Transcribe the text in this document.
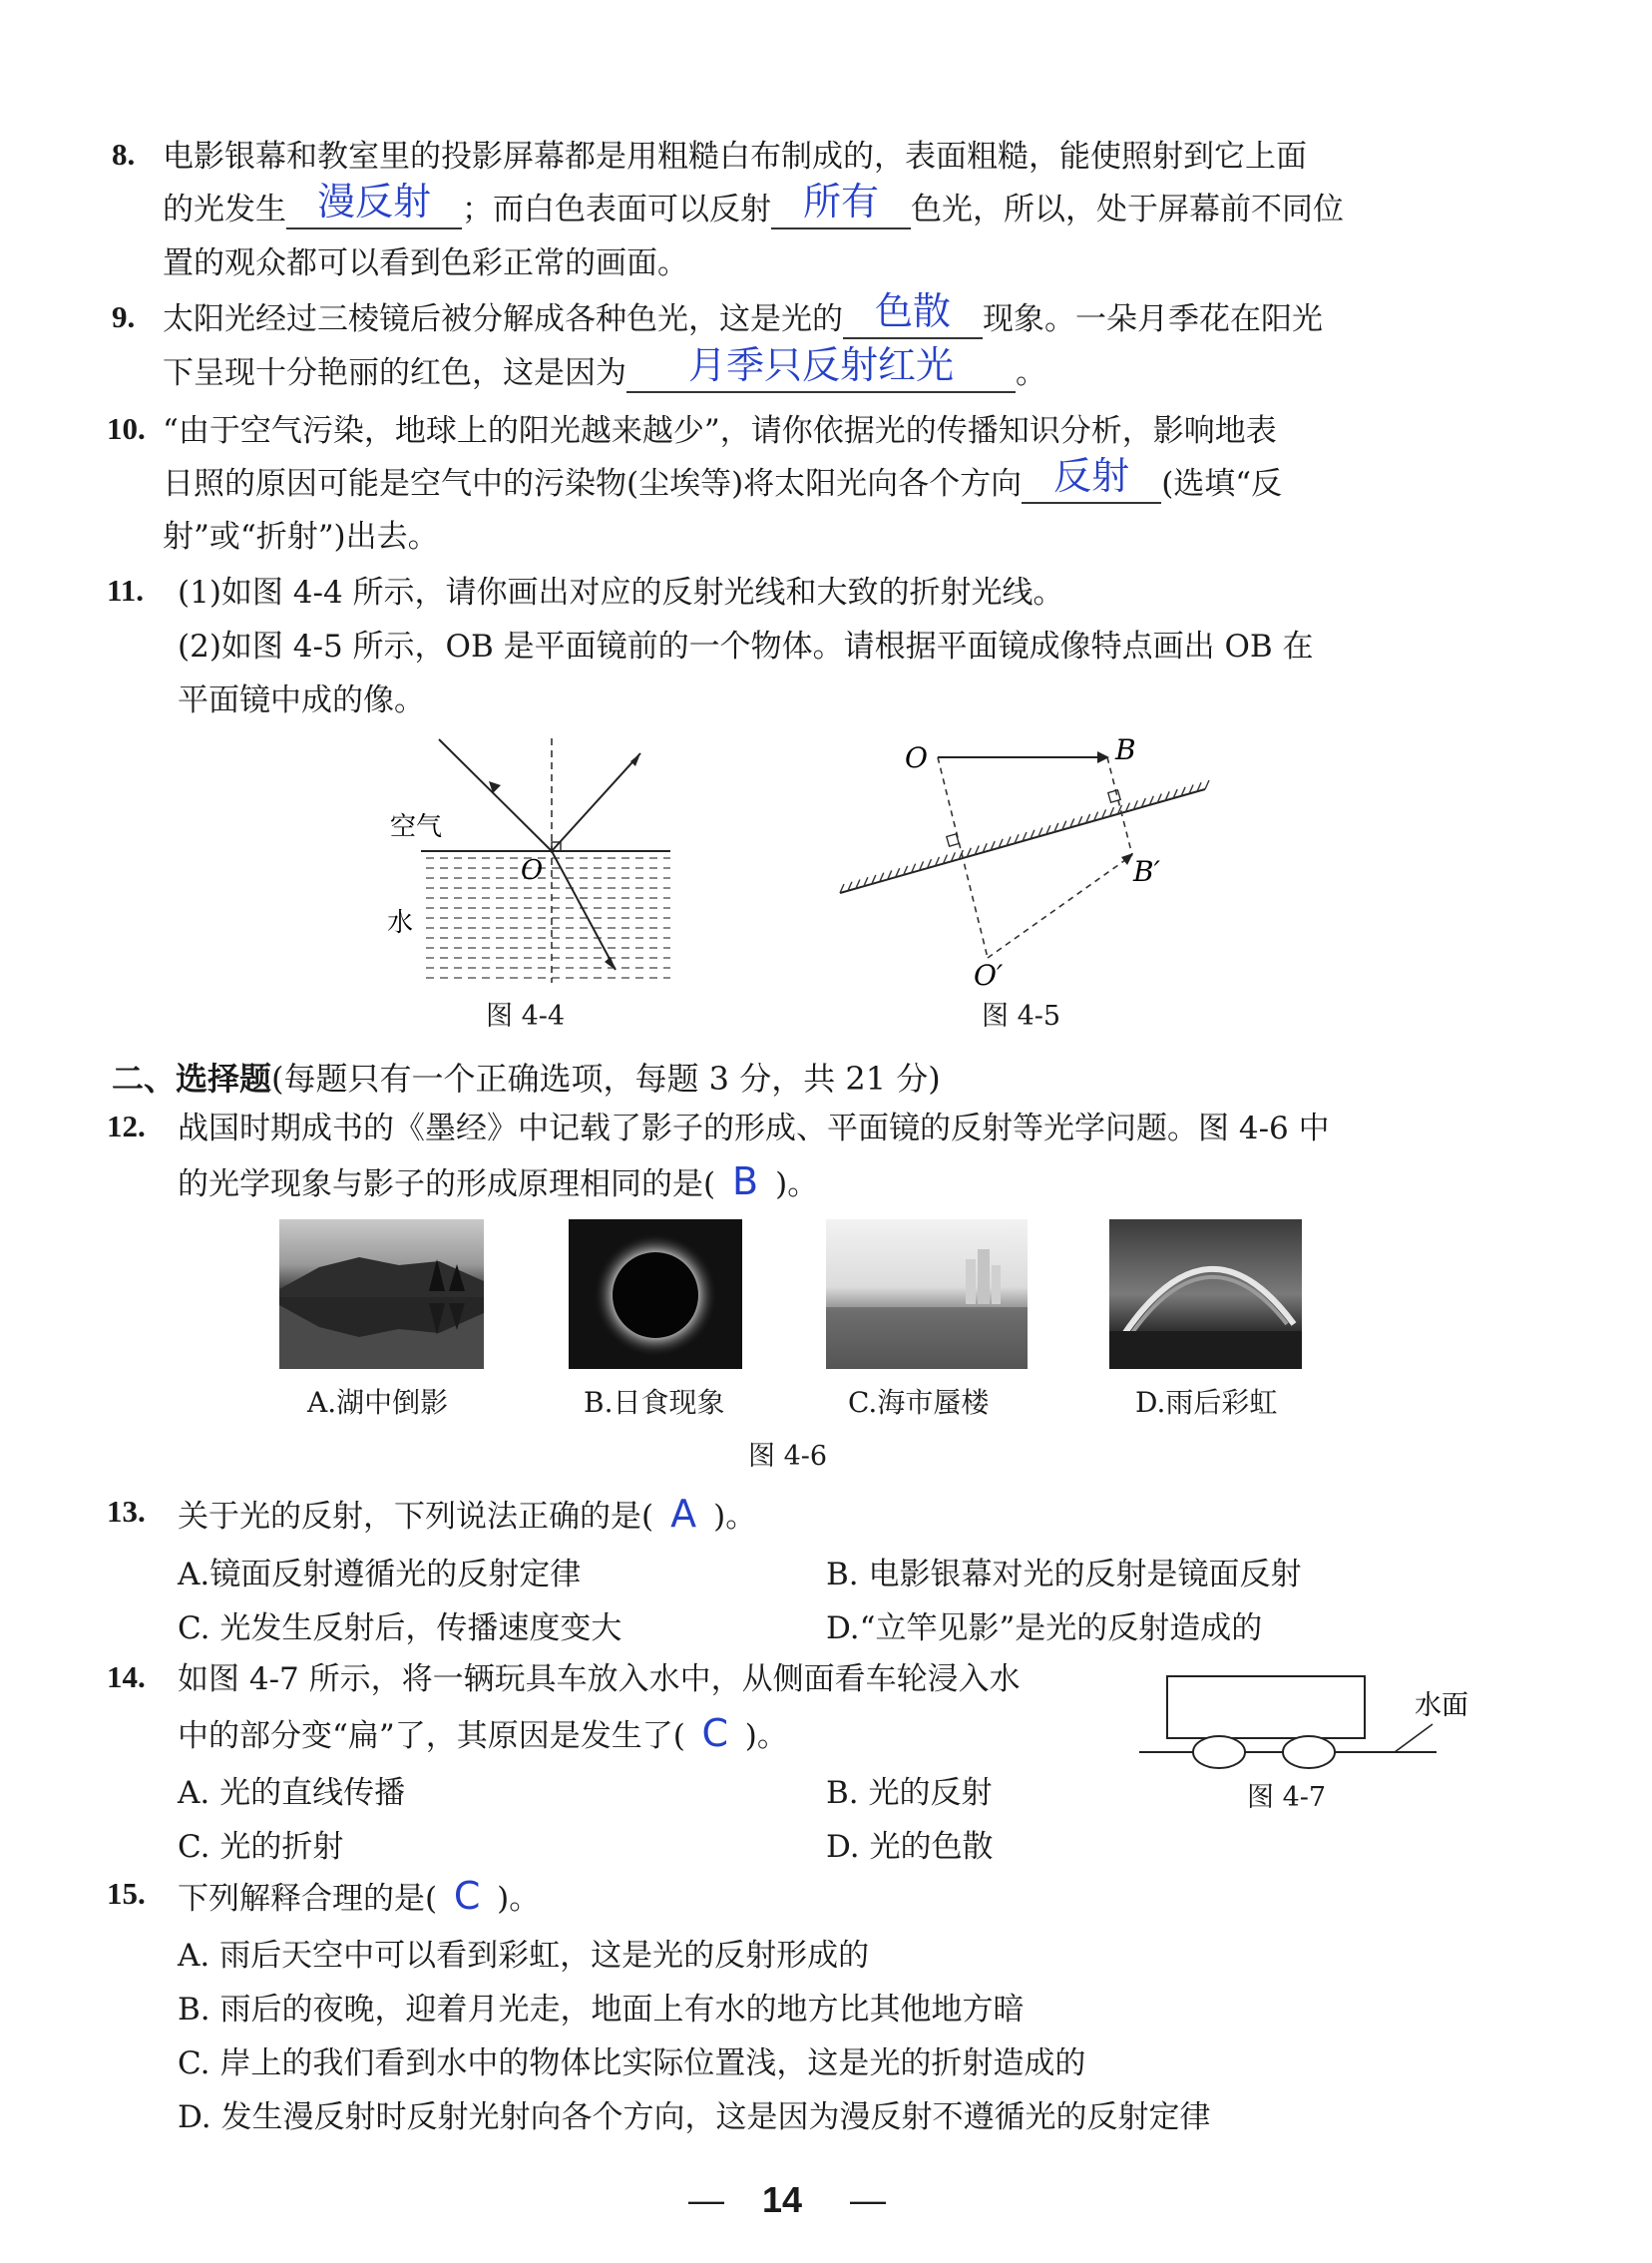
8. 电影银幕和教室里的投影屏幕都是用粗糙白布制成的，表面粗糙，能使照射到它上面
的光发生 漫反射	；而白色表面可以反射 所有	色光，所以，处于屏幕前不同位
置的观众都可以看到色彩正常的画面。
9. 太阳光经过三棱镜后被分解成各种色光，这是光的 色散	现象。一朵月季花在阳光
下呈现十分艳丽的红色，这是因为	月季只反射红光	。
10. “由于空气污染，地球上的阳光越来越少”，请你依据光的传播知识分析，影响地表
日照的原因可能是空气中的污染物(尘埃等)将太阳光向各个方向 反射	(选填“反
射”或“折射”)出去。
11. (1)如图 4-4 所示，请你画出对应的反射光线和大致的折射光线。
(2)如图 4-5 所示，OB 是平面镜前的一个物体。请根据平面镜成像特点画出 OB 在
平面镜中成的像。
空气
水
O
图 4-4
O	B
B′
O′
图 4-5
二、选择题(每题只有一个正确选项，每题 3 分，共 21 分)
12. 战国时期成书的《墨经》中记载了影子的形成、平面镜的反射等光学问题。图 4-6 中
的光学现象与影子的形成原理相同的是( B )。
A.湖中倒影	B.日食现象	C.海市蜃楼	D.雨后彩虹
图 4-6
13. 关于光的反射，下列说法正确的是( A )。
A.镜面反射遵循光的反射定律	B. 电影银幕对光的反射是镜面反射
C. 光发生反射后，传播速度变大	D.“立竿见影”是光的反射造成的
14. 如图 4-7 所示，将一辆玩具车放入水中，从侧面看车轮浸入水
中的部分变“扁”了，其原因是发生了( C )。
A. 光的直线传播	B. 光的反射
C. 光的折射	D. 光的色散
水面
图 4-7
15. 下列解释合理的是( C )。
A. 雨后天空中可以看到彩虹，这是光的反射形成的
B. 雨后的夜晚，迎着月光走，地面上有水的地方比其他地方暗
C. 岸上的我们看到水中的物体比实际位置浅，这是光的折射造成的
D. 发生漫反射时反射光射向各个方向，这是因为漫反射不遵循光的反射定律
— 14 —
